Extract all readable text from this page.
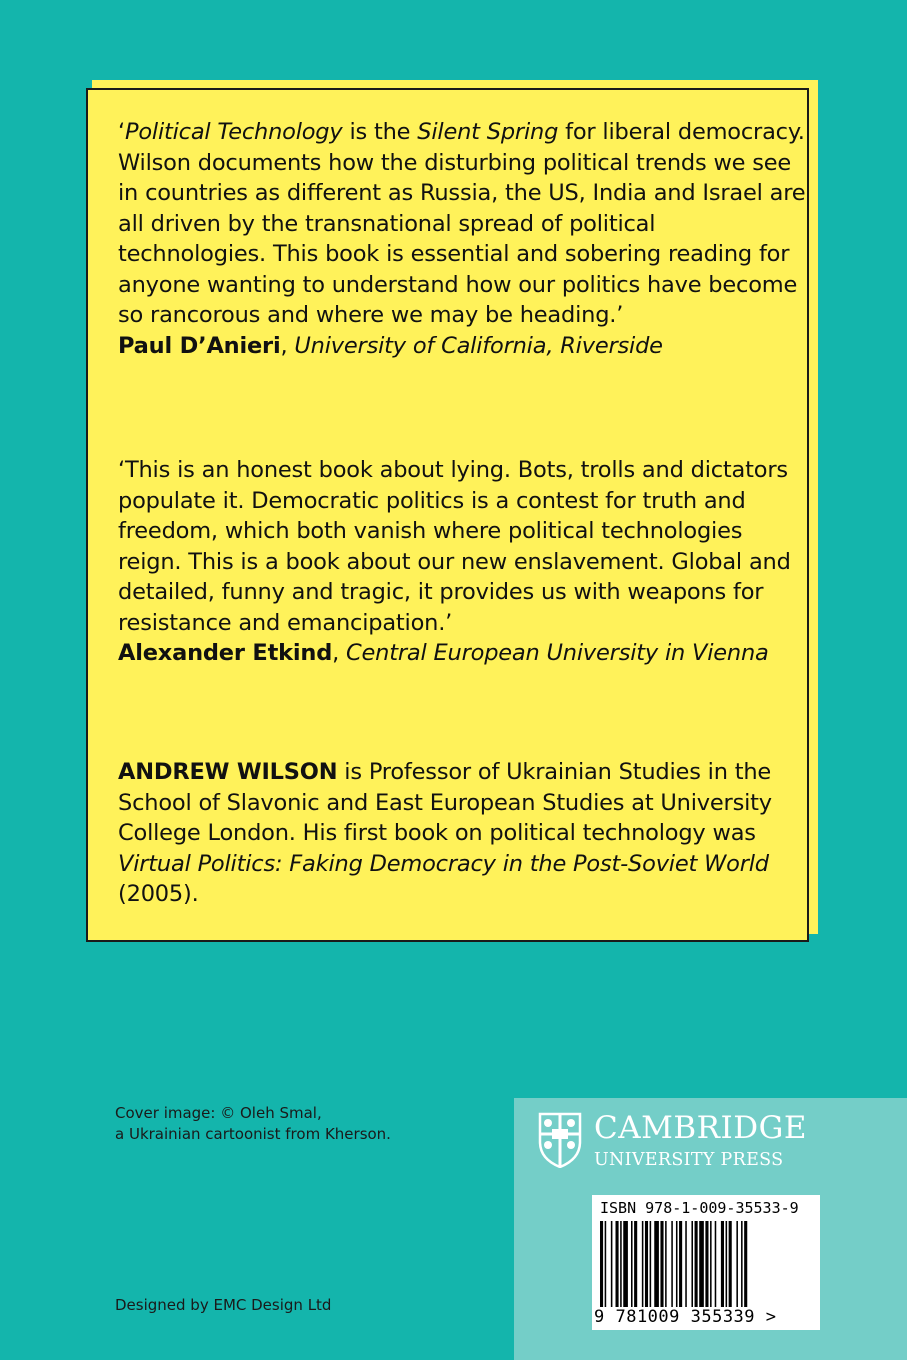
‘Political Technology is the Silent Spring for liberal democracy. Wilson documents how the disturbing political trends we see in countries as different as Russia, the US, India and Israel are all driven by the transnational spread of political technologies. This book is essential and sobering reading for anyone wanting to understand how our politics have become so rancorous and where we may be heading.’
Paul D’Anieri, University of California, Riverside

‘This is an honest book about lying. Bots, trolls and dictators populate it. Democratic politics is a contest for truth and freedom, which both vanish where political technologies reign. This is a book about our new enslavement. Global and detailed, funny and tragic, it provides us with weapons for resistance and emancipation.’
Alexander Etkind, Central European University in Vienna

ANDREW WILSON is Professor of Ukrainian Studies in the School of Slavonic and East European Studies at University College London. His first book on political technology was Virtual Politics: Faking Democracy in the Post-Soviet World (2005).

Cover image: © Oleh Smal,
a Ukrainian cartoonist from Kherson.
Designed by EMC Design Ltd
CAMBRIDGE
UNIVERSITY PRESS
ISBN 978-1-009-35533-9
9 781009 355339 >
